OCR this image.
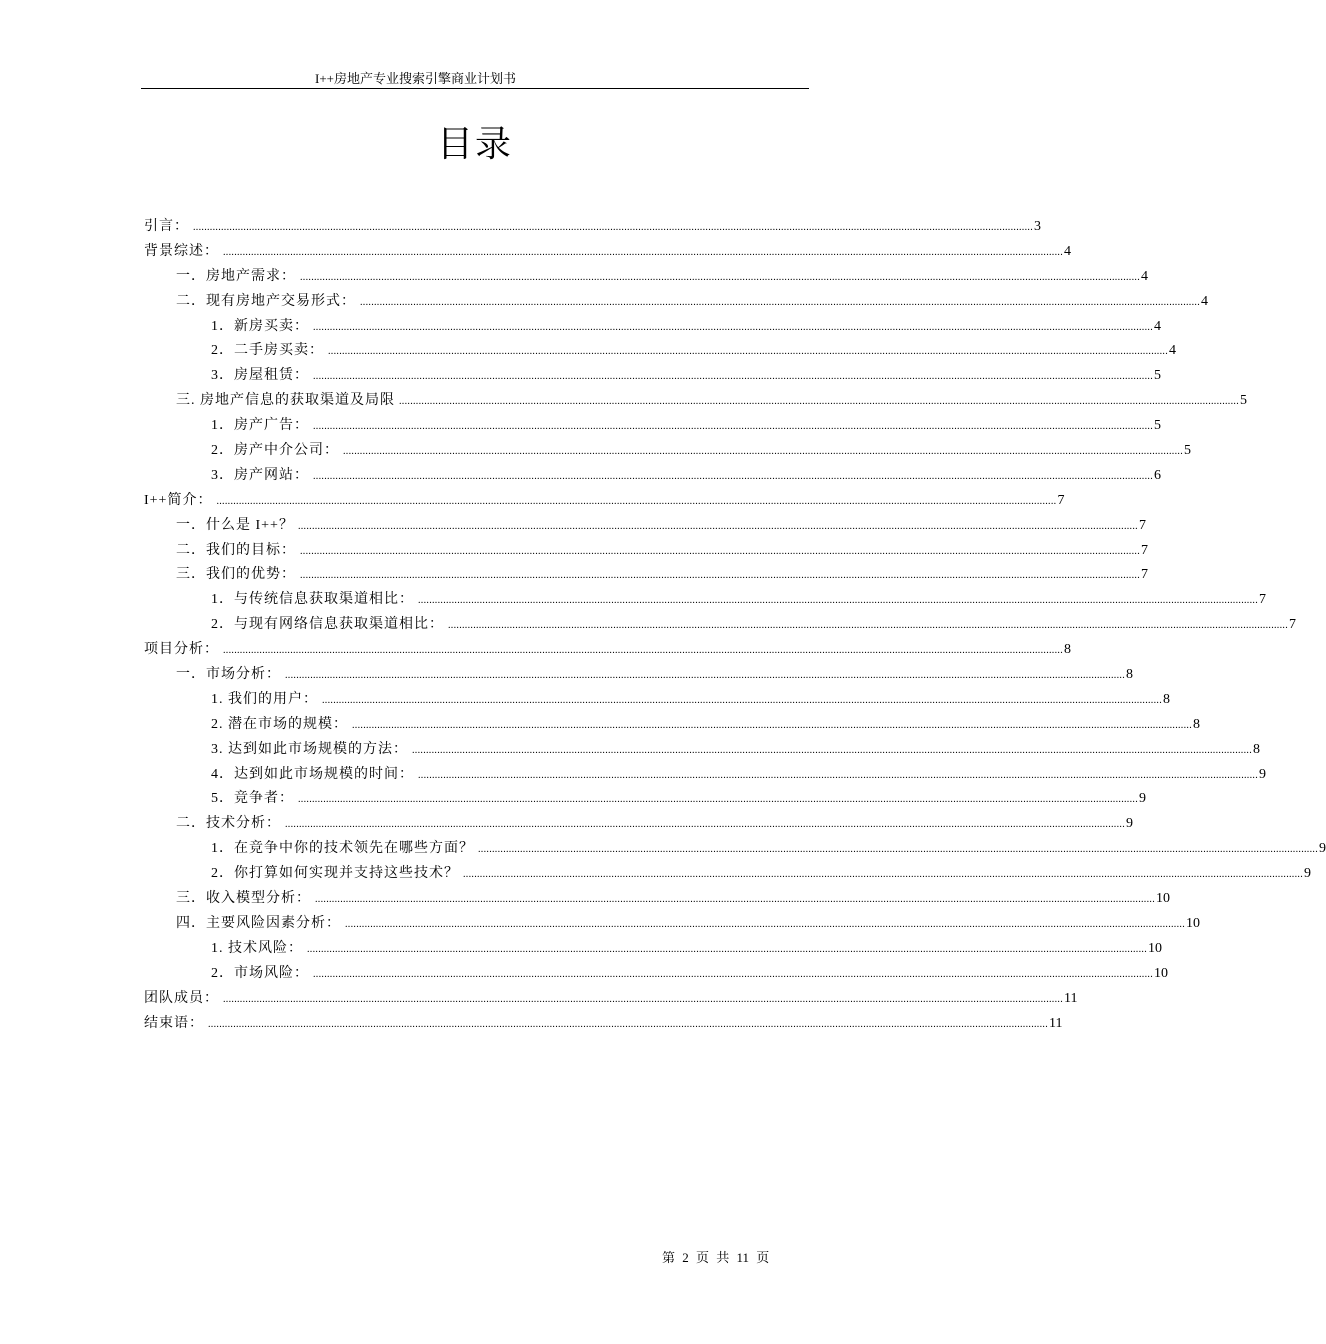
I++房地产专业搜索引擎商业计划书
目录
引言： ............................................................................................................................................................................................................................................................................................................ 3
背景综述： ............................................................................................................................................................................................................................................................................................................ 4
一．房地产需求： ............................................................................................................................................................................................................................................................................................................ 4
二．现有房地产交易形式： ............................................................................................................................................................................................................................................................................................................ 4
1．新房买卖： ............................................................................................................................................................................................................................................................................................................ 4
2．二手房买卖： ............................................................................................................................................................................................................................................................................................................ 4
3．房屋租赁： ............................................................................................................................................................................................................................................................................................................ 5
三. 房地产信息的获取渠道及局限 ............................................................................................................................................................................................................................................................................................................ 5
1．房产广告： ............................................................................................................................................................................................................................................................................................................ 5
2．房产中介公司： ............................................................................................................................................................................................................................................................................................................ 5
3．房产网站： ............................................................................................................................................................................................................................................................................................................ 6
I++简介： ............................................................................................................................................................................................................................................................................................................ 7
一．什么是 I++？ ............................................................................................................................................................................................................................................................................................................ 7
二．我们的目标： ............................................................................................................................................................................................................................................................................................................ 7
三．我们的优势： ............................................................................................................................................................................................................................................................................................................ 7
1．与传统信息获取渠道相比： ............................................................................................................................................................................................................................................................................................................ 7
2．与现有网络信息获取渠道相比： ............................................................................................................................................................................................................................................................................................................ 7
项目分析： ............................................................................................................................................................................................................................................................................................................ 8
一．市场分析： ............................................................................................................................................................................................................................................................................................................ 8
1. 我们的用户： ............................................................................................................................................................................................................................................................................................................ 8
2. 潜在市场的规模： ............................................................................................................................................................................................................................................................................................................ 8
3. 达到如此市场规模的方法： ............................................................................................................................................................................................................................................................................................................ 8
4．达到如此市场规模的时间： ............................................................................................................................................................................................................................................................................................................ 9
5．竞争者： ............................................................................................................................................................................................................................................................................................................ 9
二．技术分析： ............................................................................................................................................................................................................................................................................................................ 9
1．在竞争中你的技术领先在哪些方面？ ............................................................................................................................................................................................................................................................................................................ 9
2．你打算如何实现并支持这些技术？ ............................................................................................................................................................................................................................................................................................................ 9
三．收入模型分析： ............................................................................................................................................................................................................................................................................................................ 10
四．主要风险因素分析： ............................................................................................................................................................................................................................................................................................................ 10
1. 技术风险： ............................................................................................................................................................................................................................................................................................................ 10
2．市场风险： ............................................................................................................................................................................................................................................................................................................ 10
团队成员： ............................................................................................................................................................................................................................................................................................................ 11
结束语： ............................................................................................................................................................................................................................................................................................................ 11
第 2 页 共 11 页
